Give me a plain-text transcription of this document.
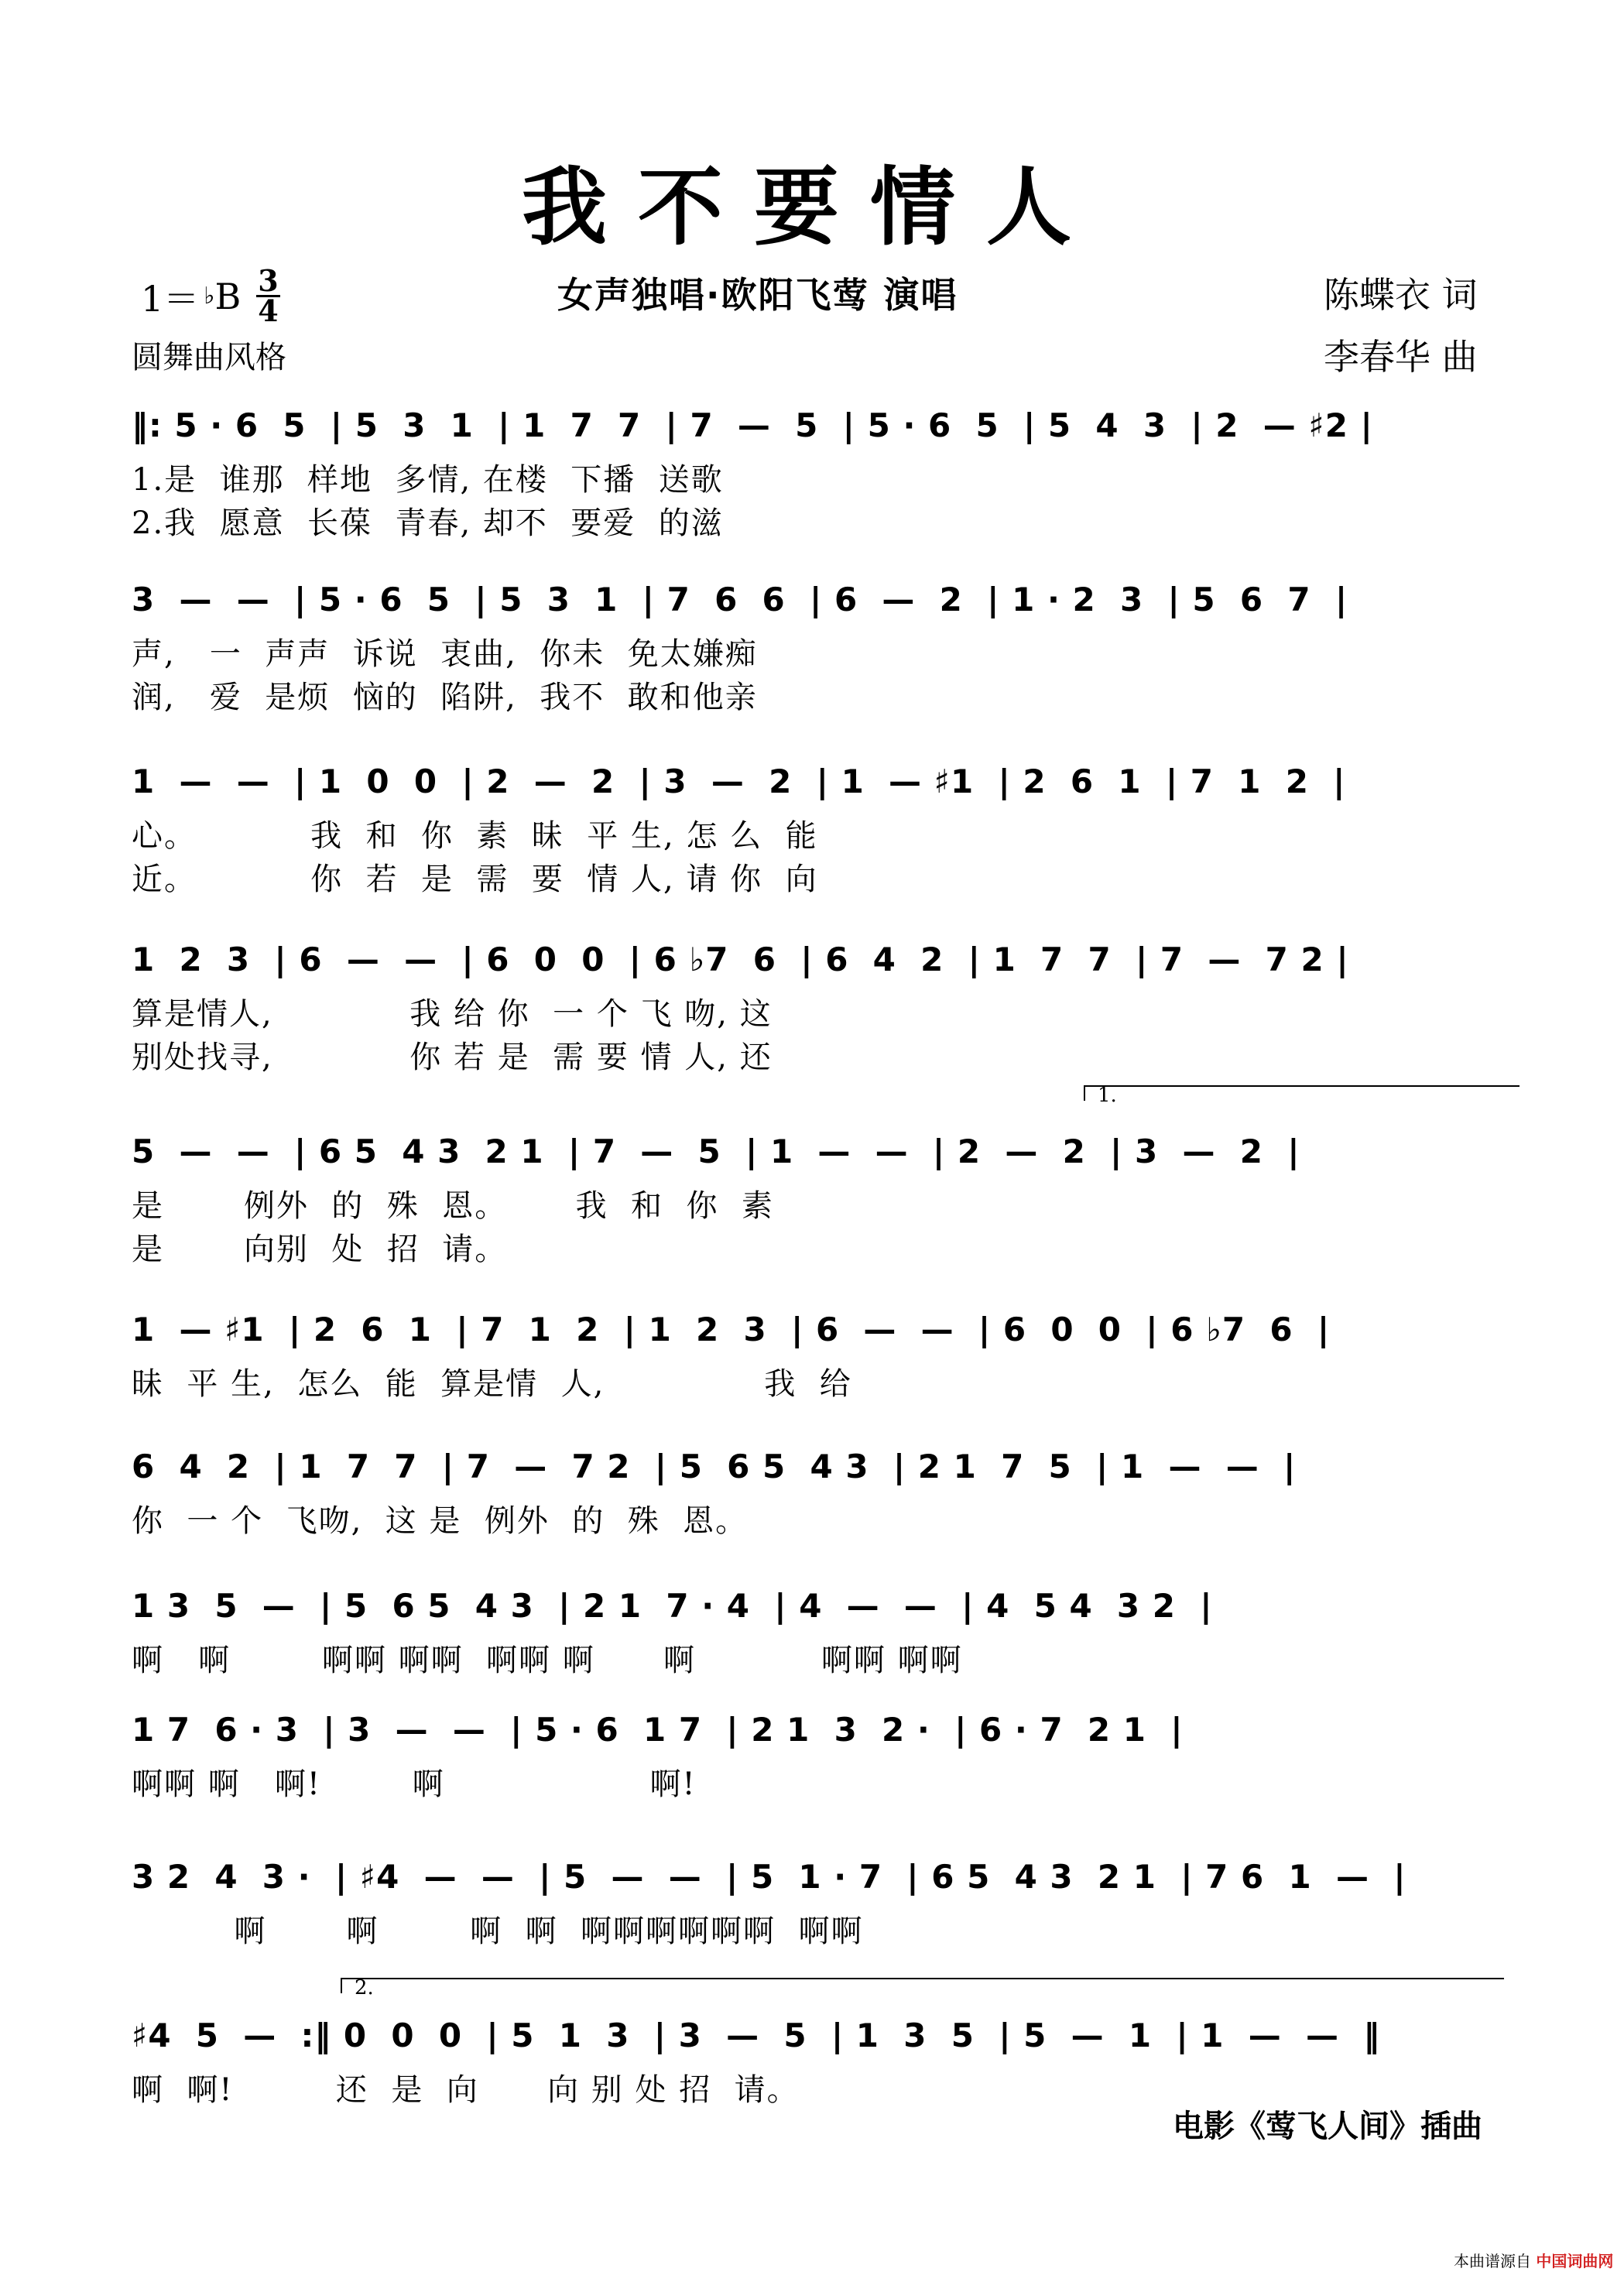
我不要情人
1＝ ♭ B $\frac{3}{4}$	女声独唱·欧阳飞莺 演唱	陈蝶衣 词
李春华 曲
圆舞曲风格
‖: 5 · 6  5  | 5  3  1  | 1  7  7  | 7  —  5  | 5 · 6  5  | 5  4  3  | 2  — ♯2 |
1.是  谁那  样地  多情, 在楼  下播  送歌
2.我  愿意  长葆  青春, 却不  要爱  的滋
3  —  —  | 5 · 6  5  | 5  3  1  | 7  6  6  | 6  —  2  | 1 · 2  3  | 5  6  7  |
声,   一  声声  诉说  衷曲,  你未  免太嫌痴
润,   爱  是烦  恼的  陷阱,  我不  敢和他亲
1  —  —  | 1  0  0  | 2  —  2  | 3  —  2  | 1  — ♯1  | 2  6  1  | 7  1  2  |
心。          我  和  你  素  昧  平 生, 怎 么  能
近。          你  若  是  需  要  情 人, 请 你  向
1  2  3  | 6  —  —  | 6  0  0  | 6 ♭7  6  | 6  4  2  | 1  7  7  | 7  —  7 2 |
算是情人,            我 给 你  一 个 飞 吻, 这
别处找寻,            你 若 是  需 要 情 人, 还
1.
5  —  —  | 6 5  4 3  2 1  | 7  —  5  | 1  —  —  | 2  —  2  | 3  —  2  |
是       例外  的  殊  恩。      我  和  你  素
是       向别  处  招  请。
1  — ♯1  | 2  6  1  | 7  1  2  | 1  2  3  | 6  —  —  | 6  0  0  | 6 ♭7  6  |
昧  平 生,  怎么  能  算是情  人,              我  给
6  4  2  | 1  7  7  | 7  —  7 2  | 5  6 5  4 3  | 2 1  7  5  | 1  —  —  |
你  一 个  飞吻,  这 是  例外  的  殊  恩。
1 3  5  —  | 5  6 5  4 3  | 2 1  7 · 4  | 4  —  —  | 4  5 4  3 2  |
啊   啊        啊啊 啊啊  啊啊 啊      啊           啊啊 啊啊
1 7  6 · 3  | 3  —  —  | 5 · 6  1 7  | 2 1  3  2 ·  | 6 · 7  2 1  |
啊啊 啊   啊!        啊                  啊!
3 2  4  3 ·  | ♯4  —  —  | 5  —  —  | 5  1 · 7  | 6 5  4 3  2 1  | 7 6  1  —  |
啊       啊        啊  啊  啊啊啊啊啊啊  啊啊
2.
♯4  5  —  :‖ 0  0  0  | 5  1  3  | 3  —  5  | 1  3  5  | 5  —  1  | 1  —  —  ‖
啊  啊!         还  是  向      向 别 处 招  请。
电影《莺飞人间》插曲
本曲谱源自 中国词曲网
